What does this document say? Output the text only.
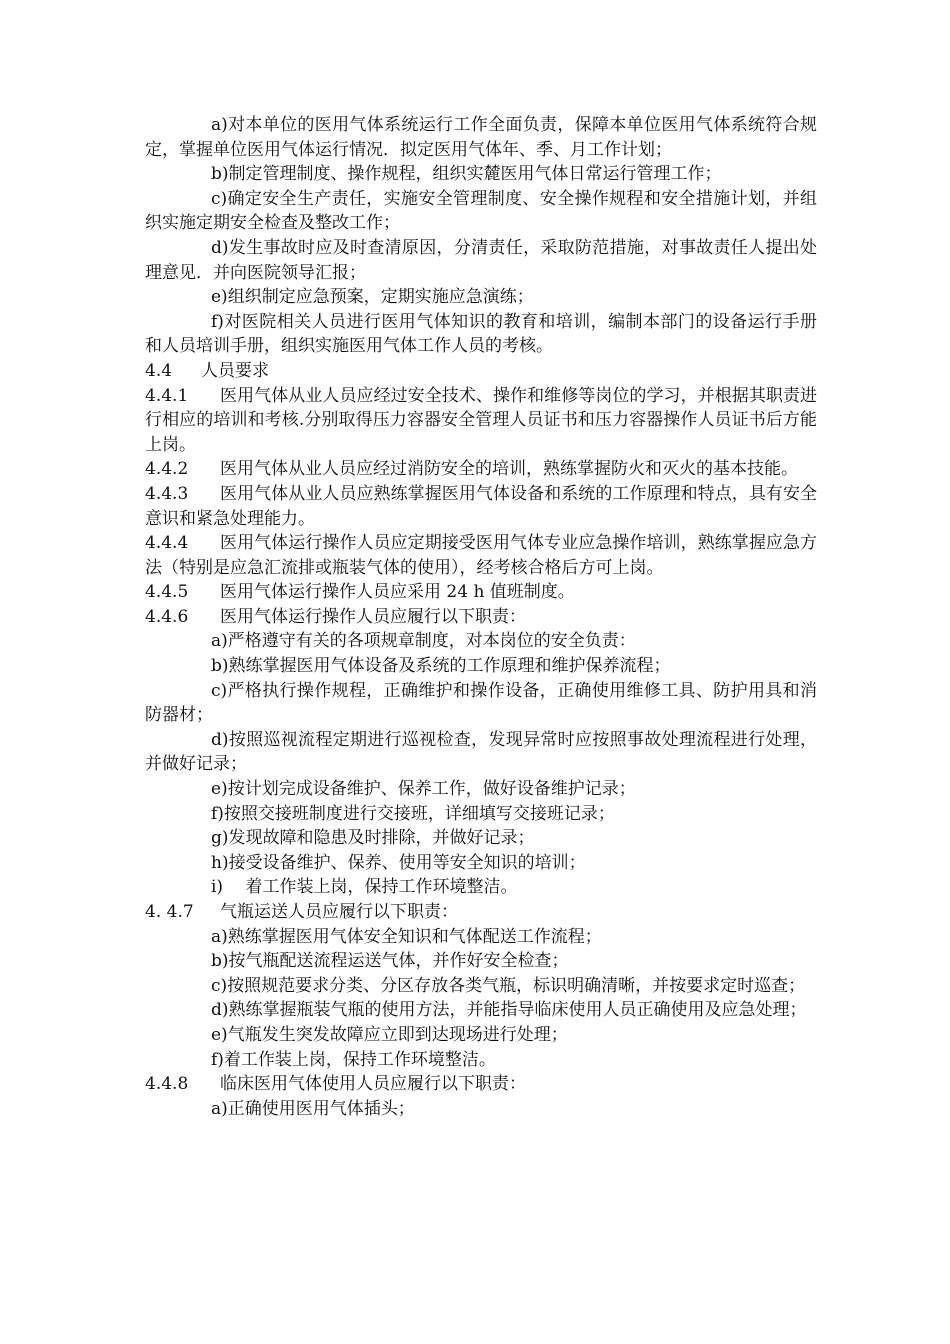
a)对本单位的医用气体系统运行工作全面负责，保障本单位医用气体系统符合规定，掌握单位医用气体运行情况．拟定医用气体年、季、月工作计划；

b)制定管理制度、操作规程，组织实麓医用气体日常运行管理工作；

c)确定安全生产责任，实施安全管理制度、安全操作规程和安全措施计划，并组织实施定期安全检查及整改工作；

d)发生事故时应及时查清原因，分清责任，采取防范措施，对事故责任人提出处理意见．并向医院领导汇报；

e)组织制定应急预案，定期实施应急演练；

f)对医院相关人员进行医用气体知识的教育和培训，编制本部门的设备运行手册和人员培训手册，组织实施医用气体工作人员的考核。

4.4 人员要求

4.4.1 医用气体从业人员应经过安全技术、操作和维修等岗位的学习，并根据其职责进行相应的培训和考核.分别取得压力容器安全管理人员证书和压力容器操作人员证书后方能上岗。

4.4.2 医用气体从业人员应经过消防安全的培训，熟练掌握防火和灭火的基本技能。

4.4.3 医用气体从业人员应熟练掌握医用气体设备和系统的工作原理和特点，具有安全意识和紧急处理能力。

4.4.4 医用气体运行操作人员应定期接受医用气体专业应急操作培训，熟练掌握应急方法（特别是应急汇流排或瓶装气体的使用），经考核合格后方可上岗。

4.4.5 医用气体运行操作人员应采用 24 h 值班制度。

4.4.6 医用气体运行操作人员应履行以下职责：

a)严格遵守有关的各项规章制度，对本岗位的安全负责：

b)熟练掌握医用气体设备及系统的工作原理和维护保养流程；

c)严格执行操作规程，正确维护和操作设备，正确使用维修工具、防护用具和消防器材；

d)按照巡视流程定期进行巡视检查，发现异常时应按照事故处理流程进行处理，并做好记录；

e)按计划完成设备维护、保养工作，做好设备维护记录；

f)按照交接班制度进行交接班，详细填写交接班记录；

g)发现故障和隐患及时排除，并做好记录；

h)接受设备维护、保养、使用等安全知识的培训；

i)　 着工作装上岗，保持工作环境整洁。

4. 4.7 气瓶运送人员应履行以下职责：

a)熟练掌握医用气体安全知识和气体配送工作流程；

b)按气瓶配送流程运送气体，并作好安全检查；

c)按照规范要求分类、分区存放各类气瓶，标识明确清晰，并按要求定时巡查；

d)熟练掌握瓶装气瓶的使用方法，并能指导临床使用人员正确使用及应急处理；

e)气瓶发生突发故障应立即到达现场进行处理；

f)着工作装上岗，保持工作环境整洁。

4.4.8 临床医用气体使用人员应履行以下职责：

a)正确使用医用气体插头；
